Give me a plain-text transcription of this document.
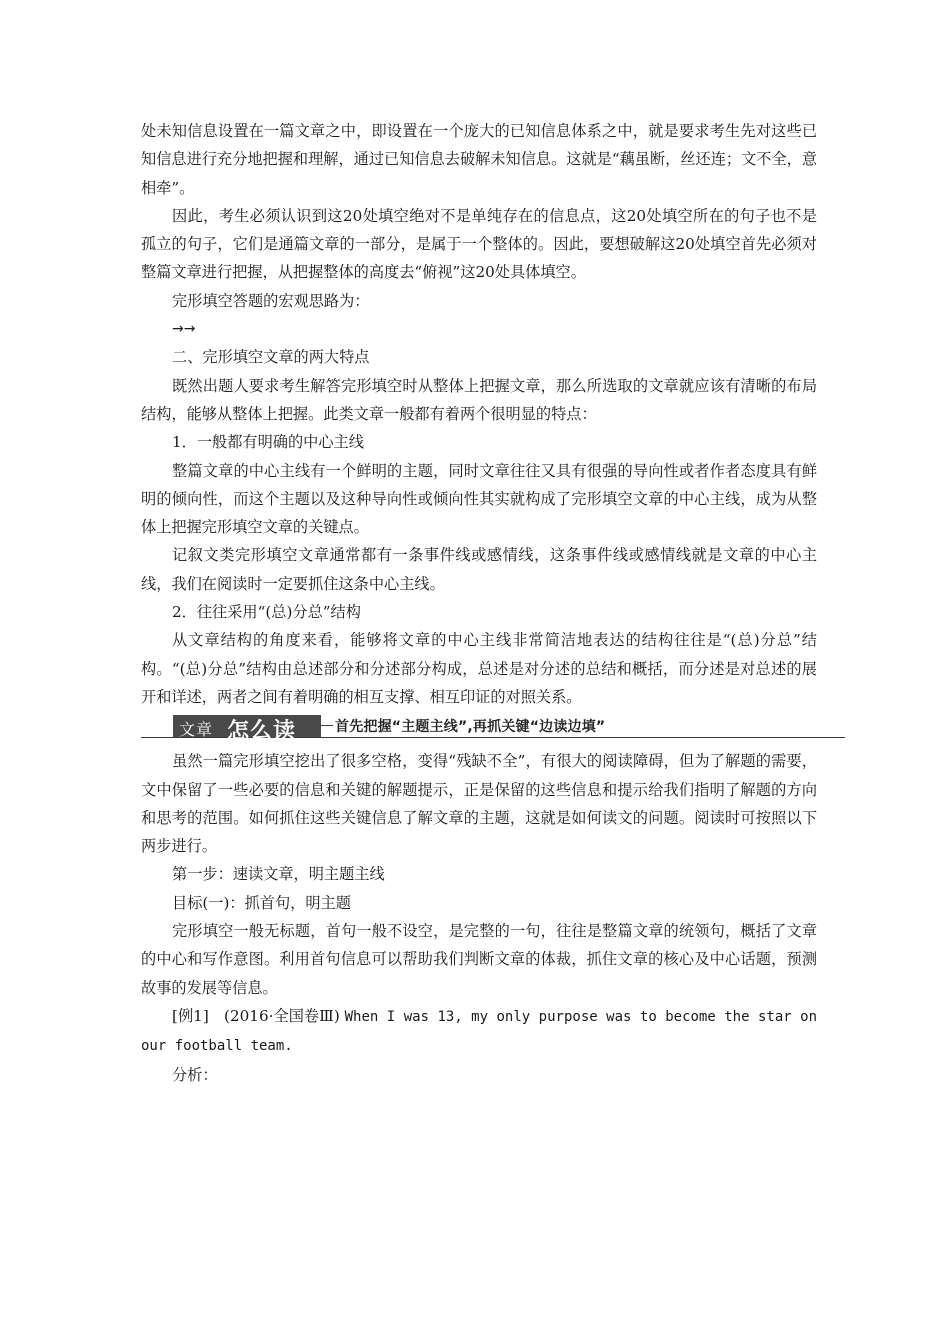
处未知信息设置在一篇文章之中，即设置在一个庞大的已知信息体系之中，就是要求考生先对这些已知信息进行充分地把握和理解，通过已知信息去破解未知信息。这就是“藕虽断，丝还连；文不全，意相牵”。

因此，考生必须认识到这20处填空绝对不是单纯存在的信息点，这20处填空所在的句子也不是孤立的句子，它们是通篇文章的一部分，是属于一个整体的。因此，要想破解这20处填空首先必须对整篇文章进行把握，从把握整体的高度去“俯视”这20处具体填空。

完形填空答题的宏观思路为：

→→

二、完形填空文章的两大特点

既然出题人要求考生解答完形填空时从整体上把握文章，那么所选取的文章就应该有清晰的布局结构，能够从整体上把握。此类文章一般都有着两个很明显的特点：

1．一般都有明确的中心主线

整篇文章的中心主线有一个鲜明的主题，同时文章往往又具有很强的导向性或者作者态度具有鲜明的倾向性，而这个主题以及这种导向性或倾向性其实就构成了完形填空文章的中心主线，成为从整体上把握完形填空文章的关键点。

记叙文类完形填空文章通常都有一条事件线或感情线，这条事件线或感情线就是文章的中心主线，我们在阅读时一定要抓住这条中心主线。

2．往往采用“(总)分总”结构

从文章结构的角度来看，能够将文章的中心主线非常简洁地表达的结构往往是“(总)分总”结构。“(总)分总”结构由总述部分和分述部分构成，总述是对分述的总结和概括，而分述是对总述的展开和详述，两者之间有着明确的相互支撑、相互印证的对照关系。

文章 怎么读	首先把握“主题主线”,再抓关键“边读边填”

虽然一篇完形填空挖出了很多空格，变得“残缺不全”，有很大的阅读障碍，但为了解题的需要，文中保留了一些必要的信息和关键的解题提示，正是保留的这些信息和提示给我们指明了解题的方向和思考的范围。如何抓住这些关键信息了解文章的主题，这就是如何读文的问题。阅读时可按照以下两步进行。

第一步：速读文章，明主题主线

目标(一)：抓首句，明主题

完形填空一般无标题，首句一般不设空，是完整的一句，往往是整篇文章的统领句，概括了文章的中心和写作意图。利用首句信息可以帮助我们判断文章的体裁，抓住文章的核心及中心话题，预测故事的发展等信息。

[例1]　 (2016·全国卷Ⅲ) When I was 13, my only purpose was to become the star on our football team.

分析：
